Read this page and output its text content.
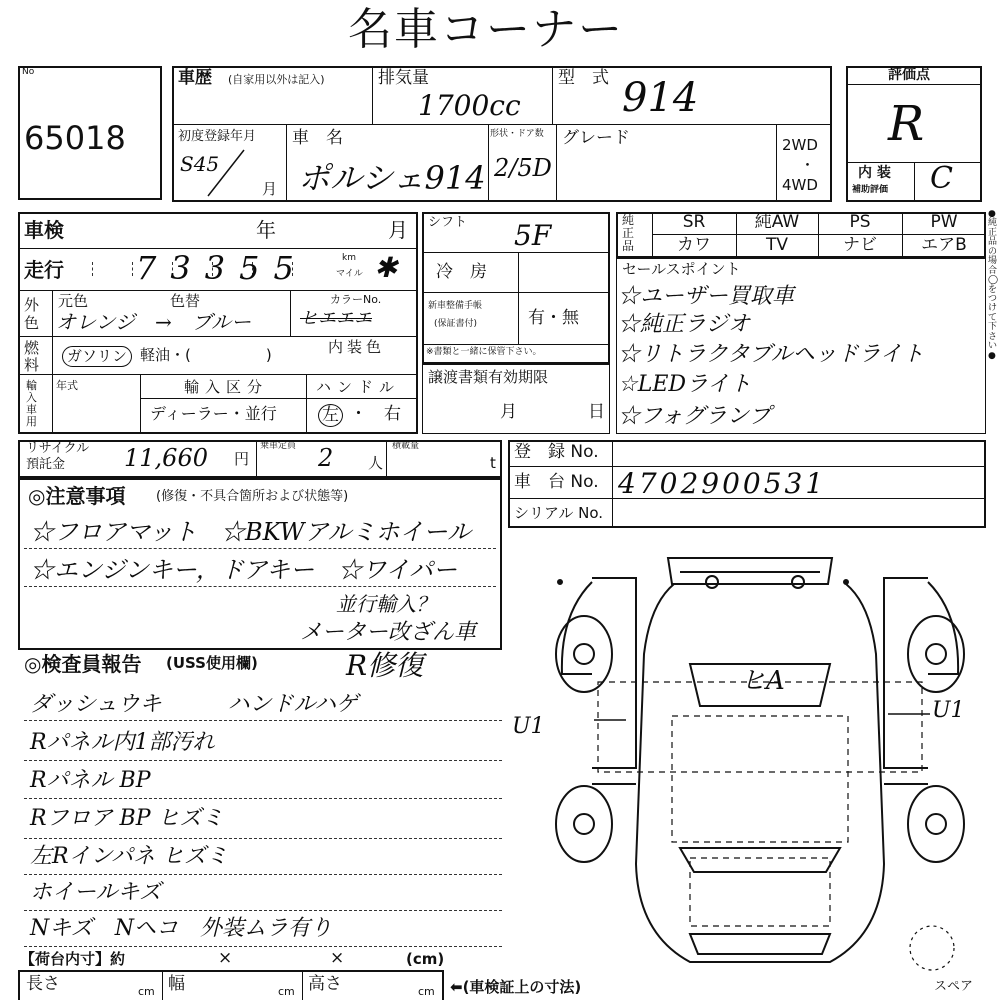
名車コーナー
No
65018
車歴 (自家用以外は記入)	排気量
1700cc
型　式 914
初度登録年月
S45
月
車　名
ポルシェ914
形状・ドア数
2/5D
グレード	2WD
・
4WD
評価点
R
内 装
補助評価 C
車検	年	月
走行 73355	km
マイル ✱
外色
元色	色替
オレンジ　→　ブルー
カラーNo.
ヒエエエ
燃料	ガソリン 軽油・(　　　　　)	内装色
輸入車用
年式	輸入区分
ディーラー・並行
ハンドル
左 ・ 右
シフト 5F
冷　房
新車整備手帳
(保証書付)	有・無
※書類と一緒に保管下さい。
譲渡書類有効期限
月	日
純正品
SR	純AW	PS	PW
カワ	TV	ナビ	エアB
セールスポイント
☆ユーザー買取車
☆純正ラジオ
☆リトラクタブルヘッドライト
☆LEDライト
☆フォグランプ
リサイクル
預託金 11,660 円
乗車定員 2 人
積載量
t
登　録 No.
車　台 No. 4702900531
シリアル No.
◎注意事項 (修復・不具合箇所および状態等)
☆フロアマット　☆BKWアルミホイール
☆エンジンキー，ドアキー　☆ワイパー
並行輸入？
メーター改ざん車
◎検査員報告 (USS使用欄)	R修復
ダッシュウキ　　　ハンドルハゲ
Rパネル内1部汚れ
Rパネル BP
Rフロア BP ヒズミ
左Rインパネ ヒズミ
ホイールキズ
Nキズ　Nヘコ　外装ムラ有り
ヒA
U1
U1
スペア
【荷台内寸】約	×	×	(cm)
長さ	cm 幅	cm 高さ	cm ⬅(車検証上の寸法)
●純正品の場合◯をつけて下さい●
